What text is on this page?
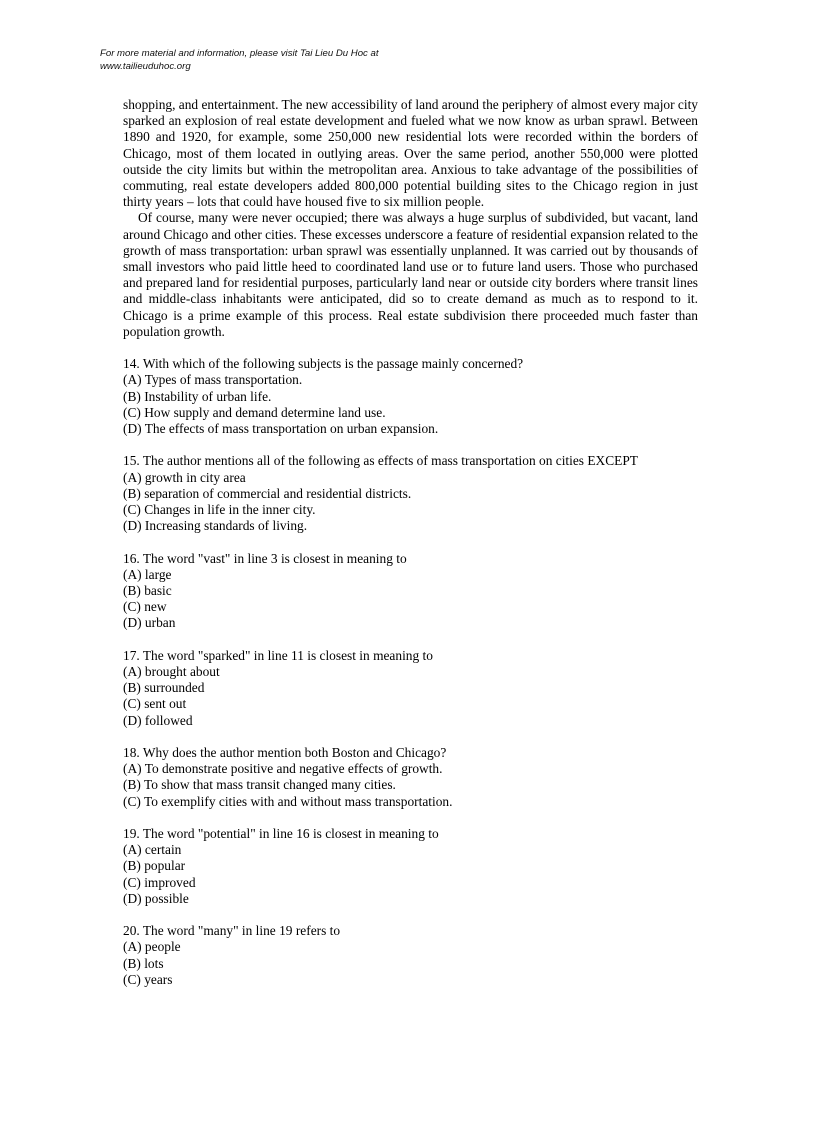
For more material and information, please visit Tai Lieu Du Hoc at
www.tailieuduhoc.org

shopping, and entertainment. The new accessibility of land around the periphery of almost every major city sparked an explosion of real estate development and fueled what we now know as urban sprawl. Between 1890 and 1920, for example, some 250,000 new residential lots were recorded within the borders of Chicago, most of them located in outlying areas. Over the same period, another 550,000 were plotted outside the city limits but within the metropolitan area. Anxious to take advantage of the possibilities of commuting, real estate developers added 800,000 potential building sites to the Chicago region in just thirty years – lots that could have housed five to six million people.

Of course, many were never occupied; there was always a huge surplus of subdivided, but vacant, land around Chicago and other cities. These excesses underscore a feature of residential expansion related to the growth of mass transportation: urban sprawl was essentially unplanned. It was carried out by thousands of small investors who paid little heed to coordinated land use or to future land users. Those who purchased and prepared land for residential purposes, particularly land near or outside city borders where transit lines and middle-class inhabitants were anticipated, did so to create demand as much as to respond to it. Chicago is a prime example of this process. Real estate subdivision there proceeded much faster than population growth.

14. With which of the following subjects is the passage mainly concerned?
(A) Types of mass transportation.
(B) Instability of urban life.
(C) How supply and demand determine land use.
(D) The effects of mass transportation on urban expansion.
15. The author mentions all of the following as effects of mass transportation on cities EXCEPT
(A) growth in city area
(B) separation of commercial and residential districts.
(C) Changes in life in the inner city.
(D) Increasing standards of living.
16. The word "vast" in line 3 is closest in meaning to
(A) large
(B) basic
(C) new
(D) urban
17. The word "sparked" in line 11 is closest in meaning to
(A) brought about
(B) surrounded
(C) sent out
(D) followed
18. Why does the author mention both Boston and Chicago?
(A) To demonstrate positive and negative effects of growth.
(B) To show that mass transit changed many cities.
(C) To exemplify cities with and without mass transportation.
19. The word "potential" in line 16 is closest in meaning to
(A) certain
(B) popular
(C) improved
(D) possible
20. The word "many" in line 19 refers to
(A) people
(B) lots
(C) years
